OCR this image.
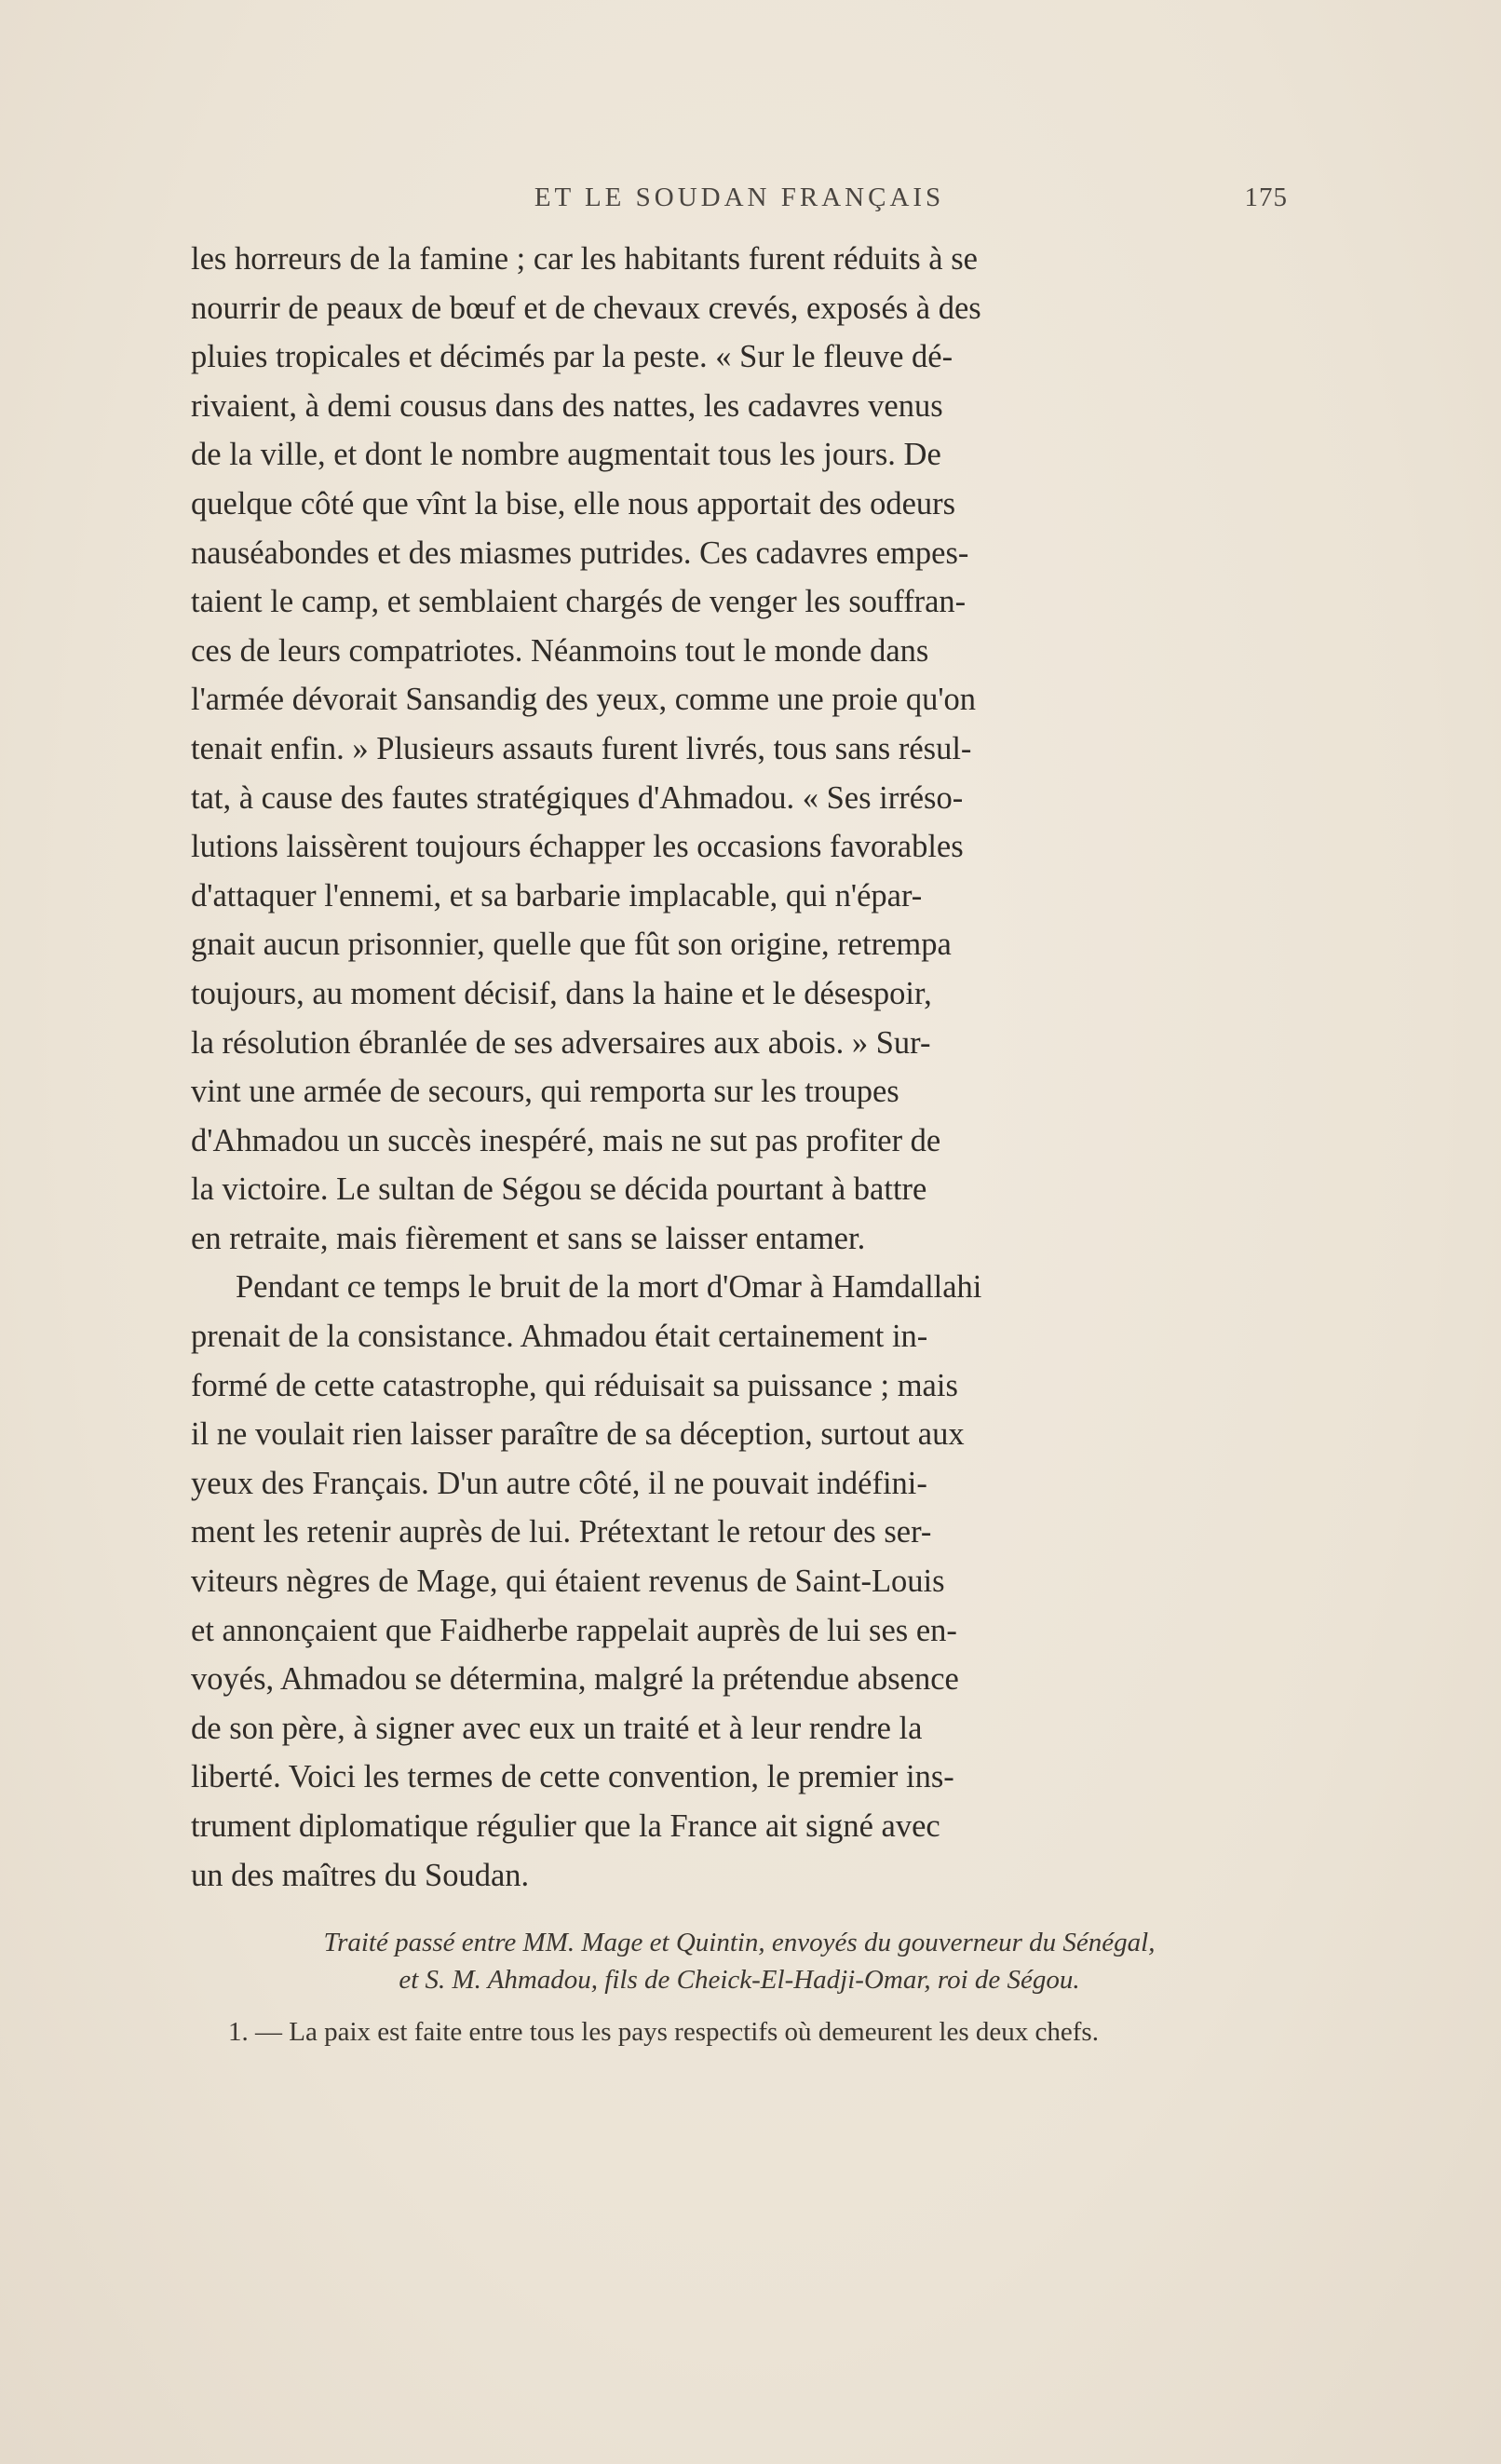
ET LE SOUDAN FRANÇAIS	175

les horreurs de la famine ; car les habitants furent réduits à se
nourrir de peaux de bœuf et de chevaux crevés, exposés à des
pluies tropicales et décimés par la peste. « Sur le fleuve dé-
rivaient, à demi cousus dans des nattes, les cadavres venus
de la ville, et dont le nombre augmentait tous les jours. De
quelque côté que vînt la bise, elle nous apportait des odeurs
nauséabondes et des miasmes putrides. Ces cadavres empes-
taient le camp, et semblaient chargés de venger les souffran-
ces de leurs compatriotes. Néanmoins tout le monde dans
l'armée dévorait Sansandig des yeux, comme une proie qu'on
tenait enfin. » Plusieurs assauts furent livrés, tous sans résul-
tat, à cause des fautes stratégiques d'Ahmadou. « Ses irréso-
lutions laissèrent toujours échapper les occasions favorables
d'attaquer l'ennemi, et sa barbarie implacable, qui n'épar-
gnait aucun prisonnier, quelle que fût son origine, retrempa
toujours, au moment décisif, dans la haine et le désespoir,
la résolution ébranlée de ses adversaires aux abois. » Sur-
vint une armée de secours, qui remporta sur les troupes
d'Ahmadou un succès inespéré, mais ne sut pas profiter de
la victoire. Le sultan de Ségou se décida pourtant à battre
en retraite, mais fièrement et sans se laisser entamer.

Pendant ce temps le bruit de la mort d'Omar à Hamdallahi
prenait de la consistance. Ahmadou était certainement in-
formé de cette catastrophe, qui réduisait sa puissance ; mais
il ne voulait rien laisser paraître de sa déception, surtout aux
yeux des Français. D'un autre côté, il ne pouvait indéfini-
ment les retenir auprès de lui. Prétextant le retour des ser-
viteurs nègres de Mage, qui étaient revenus de Saint-Louis
et annonçaient que Faidherbe rappelait auprès de lui ses en-
voyés, Ahmadou se détermina, malgré la prétendue absence
de son père, à signer avec eux un traité et à leur rendre la
liberté. Voici les termes de cette convention, le premier ins-
trument diplomatique régulier que la France ait signé avec
un des maîtres du Soudan.

Traité passé entre MM. Mage et Quintin, envoyés du gouverneur du Sénégal,
et S. M. Ahmadou, fils de Cheick-El-Hadji-Omar, roi de Ségou.

1. — La paix est faite entre tous les pays respectifs où demeurent les deux chefs.
